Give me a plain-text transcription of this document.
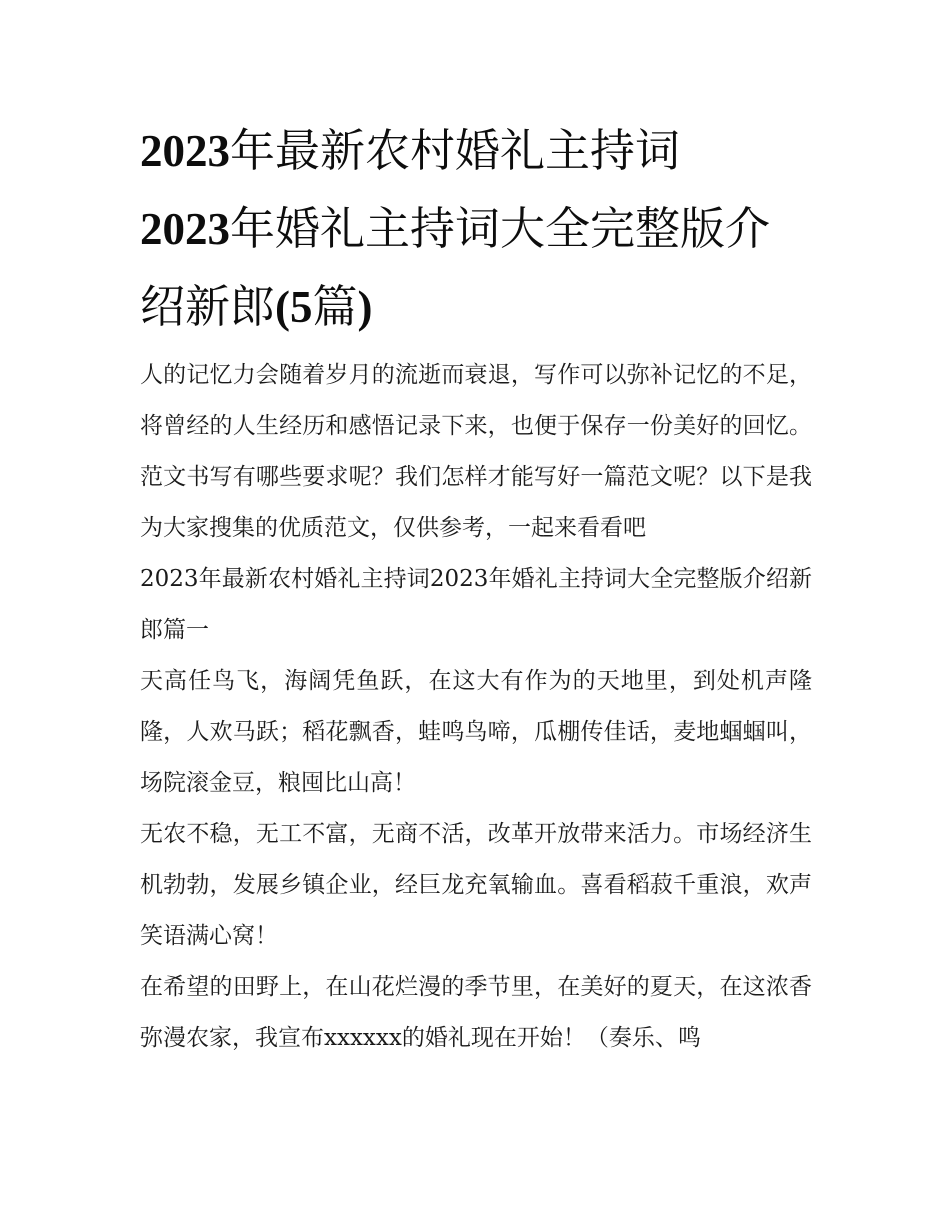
2023年最新农村婚礼主持词
2023年婚礼主持词大全完整版介绍新郎(5篇)

人的记忆力会随着岁月的流逝而衰退，写作可以弥补记忆的不足，将曾经的人生经历和感悟记录下来，也便于保存一份美好的回忆。范文书写有哪些要求呢？我们怎样才能写好一篇范文呢？以下是我为大家搜集的优质范文，仅供参考，一起来看看吧

2023年最新农村婚礼主持词2023年婚礼主持词大全完整版介绍新郎篇一

天高任鸟飞，海阔凭鱼跃，在这大有作为的天地里，到处机声隆隆，人欢马跃；稻花飘香，蛙鸣鸟啼，瓜棚传佳话，麦地蝈蝈叫，场院滚金豆，粮囤比山高！

无农不稳，无工不富，无商不活，改革开放带来活力。市场经济生机勃勃，发展乡镇企业，经巨龙充氧输血。喜看稻菽千重浪，欢声笑语满心窝！

在希望的田野上，在山花烂漫的季节里，在美好的夏天，在这浓香弥漫农家，我宣布xxxxxx的婚礼现在开始！（奏乐、鸣
